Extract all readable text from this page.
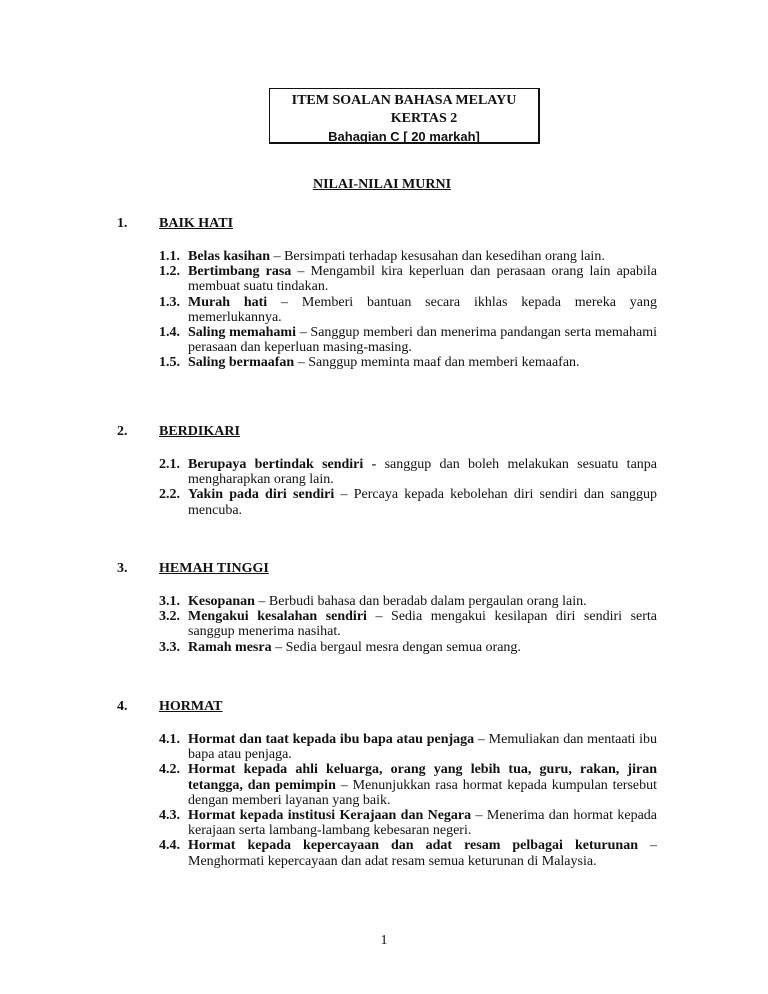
ITEM SOALAN BAHASA MELAYU
KERTAS 2
Bahagian C [ 20 markah]
NILAI-NILAI MURNI
1.	BAIK HATI
1.1. Belas kasihan – Bersimpati terhadap kesusahan dan kesedihan orang lain.
1.2. Bertimbang rasa – Mengambil kira keperluan dan perasaan orang lain apabila membuat suatu tindakan.
1.3. Murah hati – Memberi bantuan secara ikhlas kepada mereka yang memerlukannya.
1.4. Saling memahami – Sanggup memberi dan menerima pandangan serta memahami perasaan dan keperluan masing-masing.
1.5. Saling bermaafan – Sanggup meminta maaf dan memberi kemaafan.
2.	BERDIKARI
2.1. Berupaya bertindak sendiri - sanggup dan boleh melakukan sesuatu tanpa mengharapkan orang lain.
2.2. Yakin pada diri sendiri – Percaya kepada kebolehan diri sendiri dan sanggup mencuba.
3.	HEMAH TINGGI
3.1. Kesopanan – Berbudi bahasa dan beradab dalam pergaulan orang lain.
3.2. Mengakui kesalahan sendiri – Sedia mengakui kesilapan diri sendiri serta sanggup menerima nasihat.
3.3. Ramah mesra – Sedia bergaul mesra dengan semua orang.
4.	HORMAT
4.1. Hormat dan taat kepada ibu bapa atau penjaga – Memuliakan dan mentaati ibu bapa atau penjaga.
4.2. Hormat kepada ahli keluarga, orang yang lebih tua, guru, rakan, jiran tetangga, dan pemimpin – Menunjukkan rasa hormat kepada kumpulan tersebut dengan memberi layanan yang baik.
4.3. Hormat kepada institusi Kerajaan dan Negara – Menerima dan hormat kepada kerajaan serta lambang-lambang kebesaran negeri.
4.4. Hormat kepada kepercayaan dan adat resam pelbagai keturunan – Menghormati kepercayaan dan adat resam semua keturunan di Malaysia.
1
